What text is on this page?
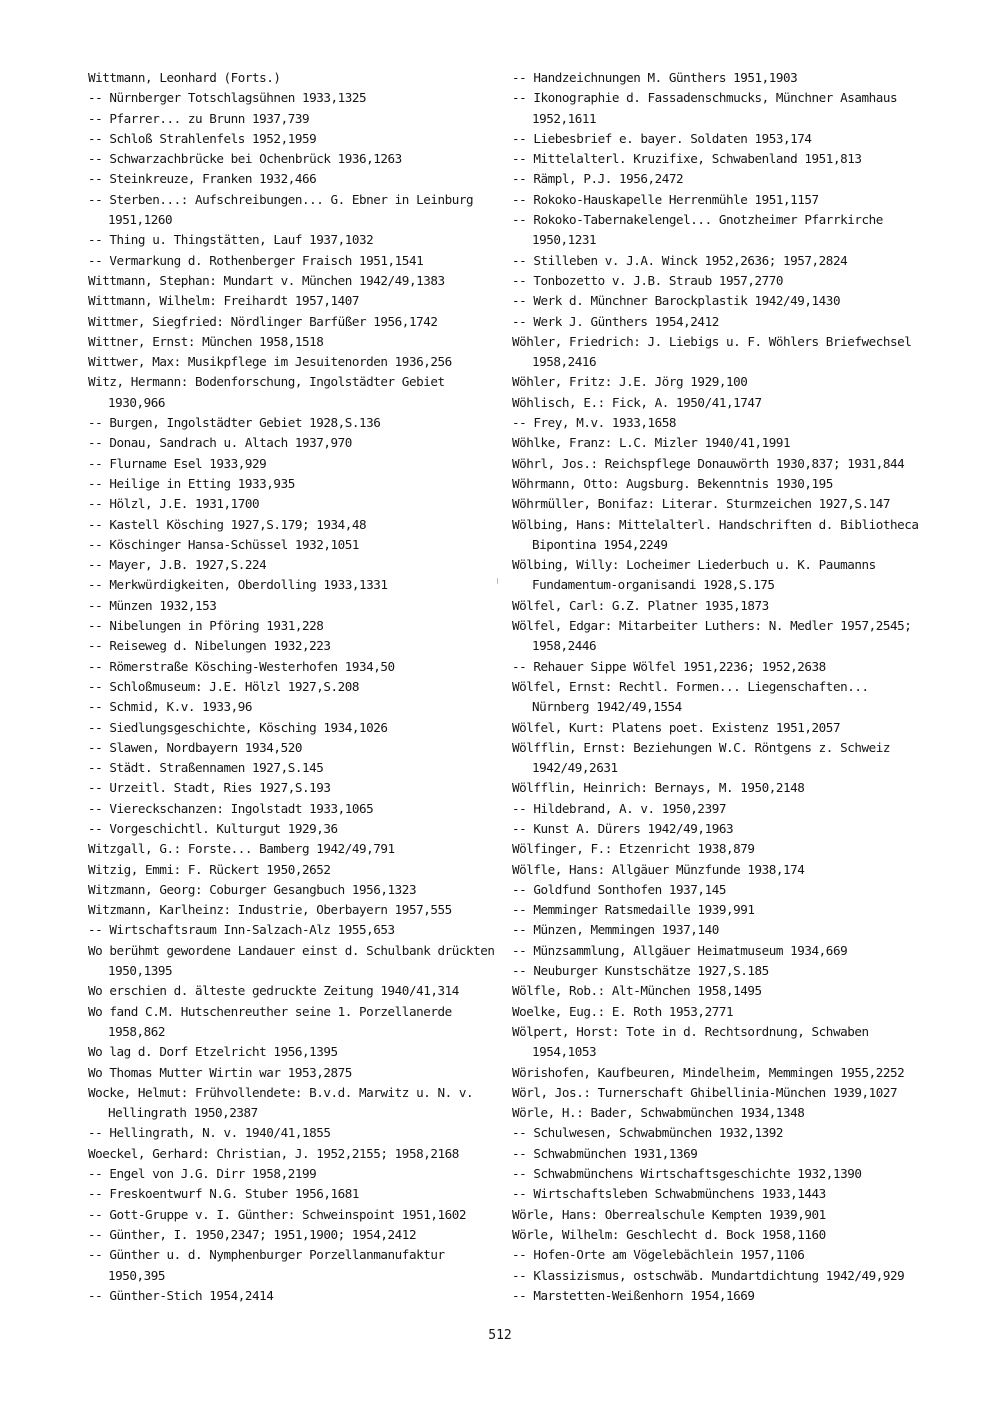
Wittmann, Leonhard (Forts.)
-- Nürnberger Totschlagsühnen 1933,1325
-- Pfarrer... zu Brunn 1937,739
-- Schloß Strahlenfels 1952,1959
-- Schwarzachbrücke bei Ochenbrück 1936,1263
-- Steinkreuze, Franken 1932,466
-- Sterben...: Aufschreibungen... G. Ebner in Leinburg 1951,1260
-- Thing u. Thingstätten, Lauf 1937,1032
-- Vermarkung d. Rothenberger Fraisch 1951,1541
Wittmann, Stephan: Mundart v. München 1942/49,1383
Wittmann, Wilhelm: Freihardt 1957,1407
Wittmer, Siegfried: Nördlinger Barfüßer 1956,1742
Wittner, Ernst: München 1958,1518
Wittwer, Max: Musikpflege im Jesuitenorden 1936,256
Witz, Hermann: Bodenforschung, Ingolstädter Gebiet 1930,966
-- Burgen, Ingolstädter Gebiet 1928,S.136
-- Donau, Sandrach u. Altach 1937,970
-- Flurname Esel 1933,929
-- Heilige in Etting 1933,935
-- Hölzl, J.E. 1931,1700
-- Kastell Kösching 1927,S.179; 1934,48
-- Köschinger Hansa-Schüssel 1932,1051
-- Mayer, J.B. 1927,S.224
-- Merkwürdigkeiten, Oberdolling 1933,1331
-- Münzen 1932,153
-- Nibelungen in Pföring 1931,228
-- Reiseweg d. Nibelungen 1932,223
-- Römerstraße Kösching-Westerhofen 1934,50
-- Schloßmuseum: J.E. Hölzl 1927,S.208
-- Schmid, K.v. 1933,96
-- Siedlungsgeschichte, Kösching 1934,1026
-- Slawen, Nordbayern 1934,520
-- Städt. Straßennamen 1927,S.145
-- Urzeitl. Stadt, Ries 1927,S.193
-- Viereckschanzen: Ingolstadt 1933,1065
-- Vorgeschichtl. Kulturgut 1929,36
Witzgall, G.: Forste... Bamberg 1942/49,791
Witzig, Emmi: F. Rückert 1950,2652
Witzmann, Georg: Coburger Gesangbuch 1956,1323
Witzmann, Karlheinz: Industrie, Oberbayern 1957,555
-- Wirtschaftsraum Inn-Salzach-Alz 1955,653
Wo berühmt gewordene Landauer einst d. Schulbank drückten 1950,1395
Wo erschien d. älteste gedruckte Zeitung 1940/41,314
Wo fand C.M. Hutschenreuther seine 1. Porzellanerde 1958,862
Wo lag d. Dorf Etzelricht 1956,1395
Wo Thomas Mutter Wirtin war 1953,2875
Wocke, Helmut: Frühvollendete: B.v.d. Marwitz u. N. v. Hellingrath 1950,2387
-- Hellingrath, N. v. 1940/41,1855
Woeckel, Gerhard: Christian, J. 1952,2155; 1958,2168
-- Engel von J.G. Dirr 1958,2199
-- Freskoentwurf N.G. Stuber 1956,1681
-- Gott-Gruppe v. I. Günther: Schweinspoint 1951,1602
-- Günther, I. 1950,2347; 1951,1900; 1954,2412
-- Günther u. d. Nymphenburger Porzellanmanufaktur 1950,395
-- Günther-Stich 1954,2414
-- Handzeichnungen M. Günthers 1951,1903
-- Ikonographie d. Fassadenschmucks, Münchner Asamhaus 1952,1611
-- Liebesbrief e. bayer. Soldaten 1953,174
-- Mittelalterl. Kruzifixe, Schwabenland 1951,813
-- Rämpl, P.J. 1956,2472
-- Rokoko-Hauskapelle Herrenmühle 1951,1157
-- Rokoko-Tabernakelengel... Gnotzheimer Pfarrkirche 1950,1231
-- Stilleben v. J.A. Winck 1952,2636; 1957,2824
-- Tonbozetto v. J.B. Straub 1957,2770
-- Werk d. Münchner Barockplastik 1942/49,1430
-- Werk J. Günthers 1954,2412
Wöhler, Friedrich: J. Liebigs u. F. Wöhlers Briefwechsel 1958,2416
Wöhler, Fritz: J.E. Jörg 1929,100
Wöhlisch, E.: Fick, A. 1950/41,1747
-- Frey, M.v. 1933,1658
Wöhlke, Franz: L.C. Mizler 1940/41,1991
Wöhrl, Jos.: Reichspflege Donauwörth 1930,837; 1931,844
Wöhrmann, Otto: Augsburg. Bekenntnis 1930,195
Wöhrmüller, Bonifaz: Literar. Sturmzeichen 1927,S.147
Wölbing, Hans: Mittelalterl. Handschriften d. Bibliotheca Bipontina 1954,2249
Wölbing, Willy: Locheimer Liederbuch u. K. Paumanns Fundamentum-organisandi 1928,S.175
Wölfel, Carl: G.Z. Platner 1935,1873
Wölfel, Edgar: Mitarbeiter Luthers: N. Medler 1957,2545; 1958,2446
-- Rehauer Sippe Wölfel 1951,2236; 1952,2638
Wölfel, Ernst: Rechtl. Formen... Liegenschaften... Nürnberg 1942/49,1554
Wölfel, Kurt: Platens poet. Existenz 1951,2057
Wölfflin, Ernst: Beziehungen W.C. Röntgens z. Schweiz 1942/49,2631
Wölfflin, Heinrich: Bernays, M. 1950,2148
-- Hildebrand, A. v. 1950,2397
-- Kunst A. Dürers 1942/49,1963
Wölfinger, F.: Etzenricht 1938,879
Wölfle, Hans: Allgäuer Münzfunde 1938,174
-- Goldfund Sonthofen 1937,145
-- Memminger Ratsmedaille 1939,991
-- Münzen, Memmingen 1937,140
-- Münzsammlung, Allgäuer Heimatmuseum 1934,669
-- Neuburger Kunstschätze 1927,S.185
Wölfle, Rob.: Alt-München 1958,1495
Woelke, Eug.: E. Roth 1953,2771
Wölpert, Horst: Tote in d. Rechtsordnung, Schwaben 1954,1053
Wörishofen, Kaufbeuren, Mindelheim, Memmingen 1955,2252
Wörl, Jos.: Turnerschaft Ghibellinia-München 1939,1027
Wörle, H.: Bader, Schwabmünchen 1934,1348
-- Schulwesen, Schwabmünchen 1932,1392
-- Schwabmünchen 1931,1369
-- Schwabmünchens Wirtschaftsgeschichte 1932,1390
-- Wirtschaftsleben Schwabmünchens 1933,1443
Wörle, Hans: Oberrealschule Kempten 1939,901
Wörle, Wilhelm: Geschlecht d. Bock 1958,1160
-- Hofen-Orte am Vögelebächlein 1957,1106
-- Klassizismus, ostschwäb. Mundartdichtung 1942/49,929
-- Marstetten-Weißenhorn 1954,1669
512
